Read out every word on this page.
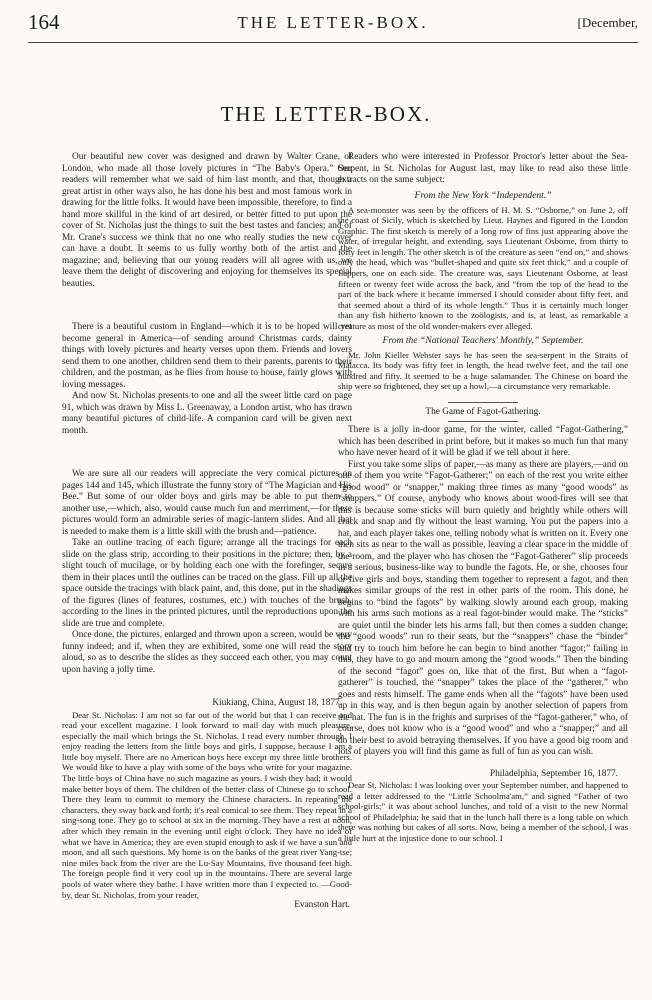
164	THE LETTER-BOX.	[December,
THE LETTER-BOX.

Our beautiful new cover was designed and drawn by Walter Crane, of London, who made all those lovely pictures in “The Baby's Opera.” Our readers will remember what we said of him last month, and that, though a great artist in other ways also, he has done his best and most famous work in drawing for the little folks. It would have been impossible, therefore, to find a hand more skillful in the kind of art desired, or better fitted to put upon the cover of St. Nicholas just the things to suit the best tastes and fancies; and of Mr. Crane's success we think that no one who really studies the new cover can have a doubt. It seems to us fully worthy both of the artist and the magazine; and, believing that our young readers will all agree with us, we leave them the delight of discovering and enjoying for themselves its special beauties.

There is a beautiful custom in England—which it is to be hoped will yet become general in America—of sending around Christmas cards, dainty things with lovely pictures and hearty verses upon them. Friends and lovers send them to one another, children send them to their parents, parents to their children, and the postman, as he flies from house to house, fairly glows with loving messages.

And now St. Nicholas presents to one and all the sweet little card on page 91, which was drawn by Miss L. Greenaway, a London artist, who has drawn many beautiful pictures of child-life. A companion card will be given next month.

We are sure all our readers will appreciate the very comical pictures on pages 144 and 145, which illustrate the funny story of “The Magician and His Bee.” But some of our older boys and girls may be able to put them to another use,—which, also, would cause much fun and merriment,—for these pictures would form an admirable series of magic-lantern slides. And all that is needed to make them is a little skill with the brush and—patience.

Take an outline tracing of each figure; arrange all the tracings for each slide on the glass strip, according to their positions in the picture; then, by a slight touch of mucilage, or by holding each one with the forefinger, secure them in their places until the outlines can be traced on the glass. Fill up all the space outside the tracings with black paint, and, this done, put in the shadings of the figures (lines of features, costumes, etc.) with touches of the brush, according to the lines in the printed pictures, until the reproductions upon the slide are true and complete.

Once done, the pictures, enlarged and thrown upon a screen, would be very funny indeed; and if, when they are exhibited, some one will read the story aloud, so as to describe the slides as they succeed each other, you may count upon having a jolly time.

Kiukiang, China, August 18, 1877.

Dear St. Nicholas: I am not so far out of the world but that I can receive and read your excellent magazine. I look forward to mail day with much pleasure, especially the mail which brings the St. Nicholas. I read every number through. I enjoy reading the letters from the little boys and girls, I suppose, because I am a little boy myself. There are no American boys here except my three little brothers. We would like to have a play with some of the boys who write for your magazine. The little boys of China have no such magazine as yours. I wish they had; it would make better boys of them. The children of the better class of Chinese go to school. There they learn to commit to memory the Chinese characters. In repeating the characters, they sway back and forth; it's real comical to see them. They repeat in a sing-song tone. They go to school at six in the morning. They have a rest at noon, after which they remain in the evening until eight o'clock. They have no idea of what we have in America; they are even stupid enough to ask if we have a sun and moon, and all such questions. My home is on the banks of the great river Yang-tse; nine miles back from the river are the Lu-Say Mountains, five thousand feet high. The foreign people find it very cool up in the mountains. There are several large pools of water where they bathe. I have written more than I expected to. —Good-by, dear St. Nicholas, from your reader,

Evanston Hart.

Readers who were interested in Professor Proctor's letter about the Sea-Serpent, in St. Nicholas for August last, may like to read also these little extracts on the same subject:

From the New York “Independent.”

A sea-monster was seen by the officers of H. M. S. “Osborne,” on June 2, off the coast of Sicily, which is sketched by Lieut. Haynes and figured in the London Graphic. The first sketch is merely of a long row of fins just appearing above the water, of irregular height, and extending, says Lieutenant Osborne, from thirty to forty feet in length. The other sketch is of the creature as seen “end on,” and shows only the head, which was “bullet-shaped and quite six feet thick,” and a couple of flappers, one on each side. The creature was, says Lieutenant Osborne, at least fifteen or twenty feet wide across the back, and “from the top of the head to the part of the back where it became immersed I should consider about fifty feet, and that seemed about a third of its whole length.” Thus it is certainly much longer than any fish hitherto known to the zoölogists, and is, at least, as remarkable a creature as most of the old wonder-makers ever alleged.

From the “National Teachers' Monthly,” September.

Mr. John Kieller Webster says he has seen the sea-serpent in the Straits of Malacca. Its body was fifty feet in length, the head twelve feet, and the tail one hundred and fifty. It seemed to be a huge salamander. The Chinese on board the ship were so frightened, they set up a howl,—a circumstance very remarkable.

The Game of Fagot-Gathering.

There is a jolly in-door game, for the winter, called “Fagot-Gathering,” which has been described in print before, but it makes so much fun that many who have never heard of it will be glad if we tell about it here.

First you take some slips of paper,—as many as there are players,—and on one of them you write “Fagot-Gatherer;” on each of the rest you write either “good wood” or “snapper,” making three times as many “good woods” as “snappers.” Of course, anybody who knows about wood-fires will see that this is because some sticks will burn quietly and brightly while others will crack and snap and fly without the least warning. You put the papers into a hat, and each player takes one, telling nobody what is written on it. Every one then sits as near to the wall as possible, leaving a clear space in the middle of the room, and the player who has chosen the “Fagot-Gatherer” slip proceeds in a serious, business-like way to bundle the fagots. He, or she, chooses four or five girls and boys, standing them together to represent a fagot, and then makes similar groups of the rest in other parts of the room. This done, he begins to “bind the fagots” by walking slowly around each group, making with his arms such motions as a real fagot-binder would make. The “sticks” are quiet until the binder lets his arms fall, but then comes a sudden change; the “good woods” run to their seats, but the “snappers” chase the “binder” and try to touch him before he can begin to bind another “fagot;” failing in this, they have to go and mourn among the “good woods.” Then the binding of the second “fagot” goes on, like that of the first. But when a “fagot-gatherer” is touched, the “snapper” takes the place of the “gatherer,” who goes and rests himself. The game ends when all the “fagots” have been used up in this way, and is then begun again by another selection of papers from the hat. The fun is in the frights and surprises of the “fagot-gatherer,” who, of course, does not know who is a “good wood” and who a “snapper;” and all do their best to avoid betraying themselves. If you have a good big room and lots of players you will find this game as full of fun as you can wish.

Philadelphia, September 16, 1877.

Dear St. Nicholas: I was looking over your September number, and happened to read a letter addressed to the “Little Schoolma'am,” and signed “Father of two school-girls;” it was about school lunches, and told of a visit to the new Normal school of Philadelphia; he said that in the lunch hall there is a long table on which there was nothing but cakes of all sorts. Now, being a member of the school, I was a little hurt at the injustice done to our school. I
